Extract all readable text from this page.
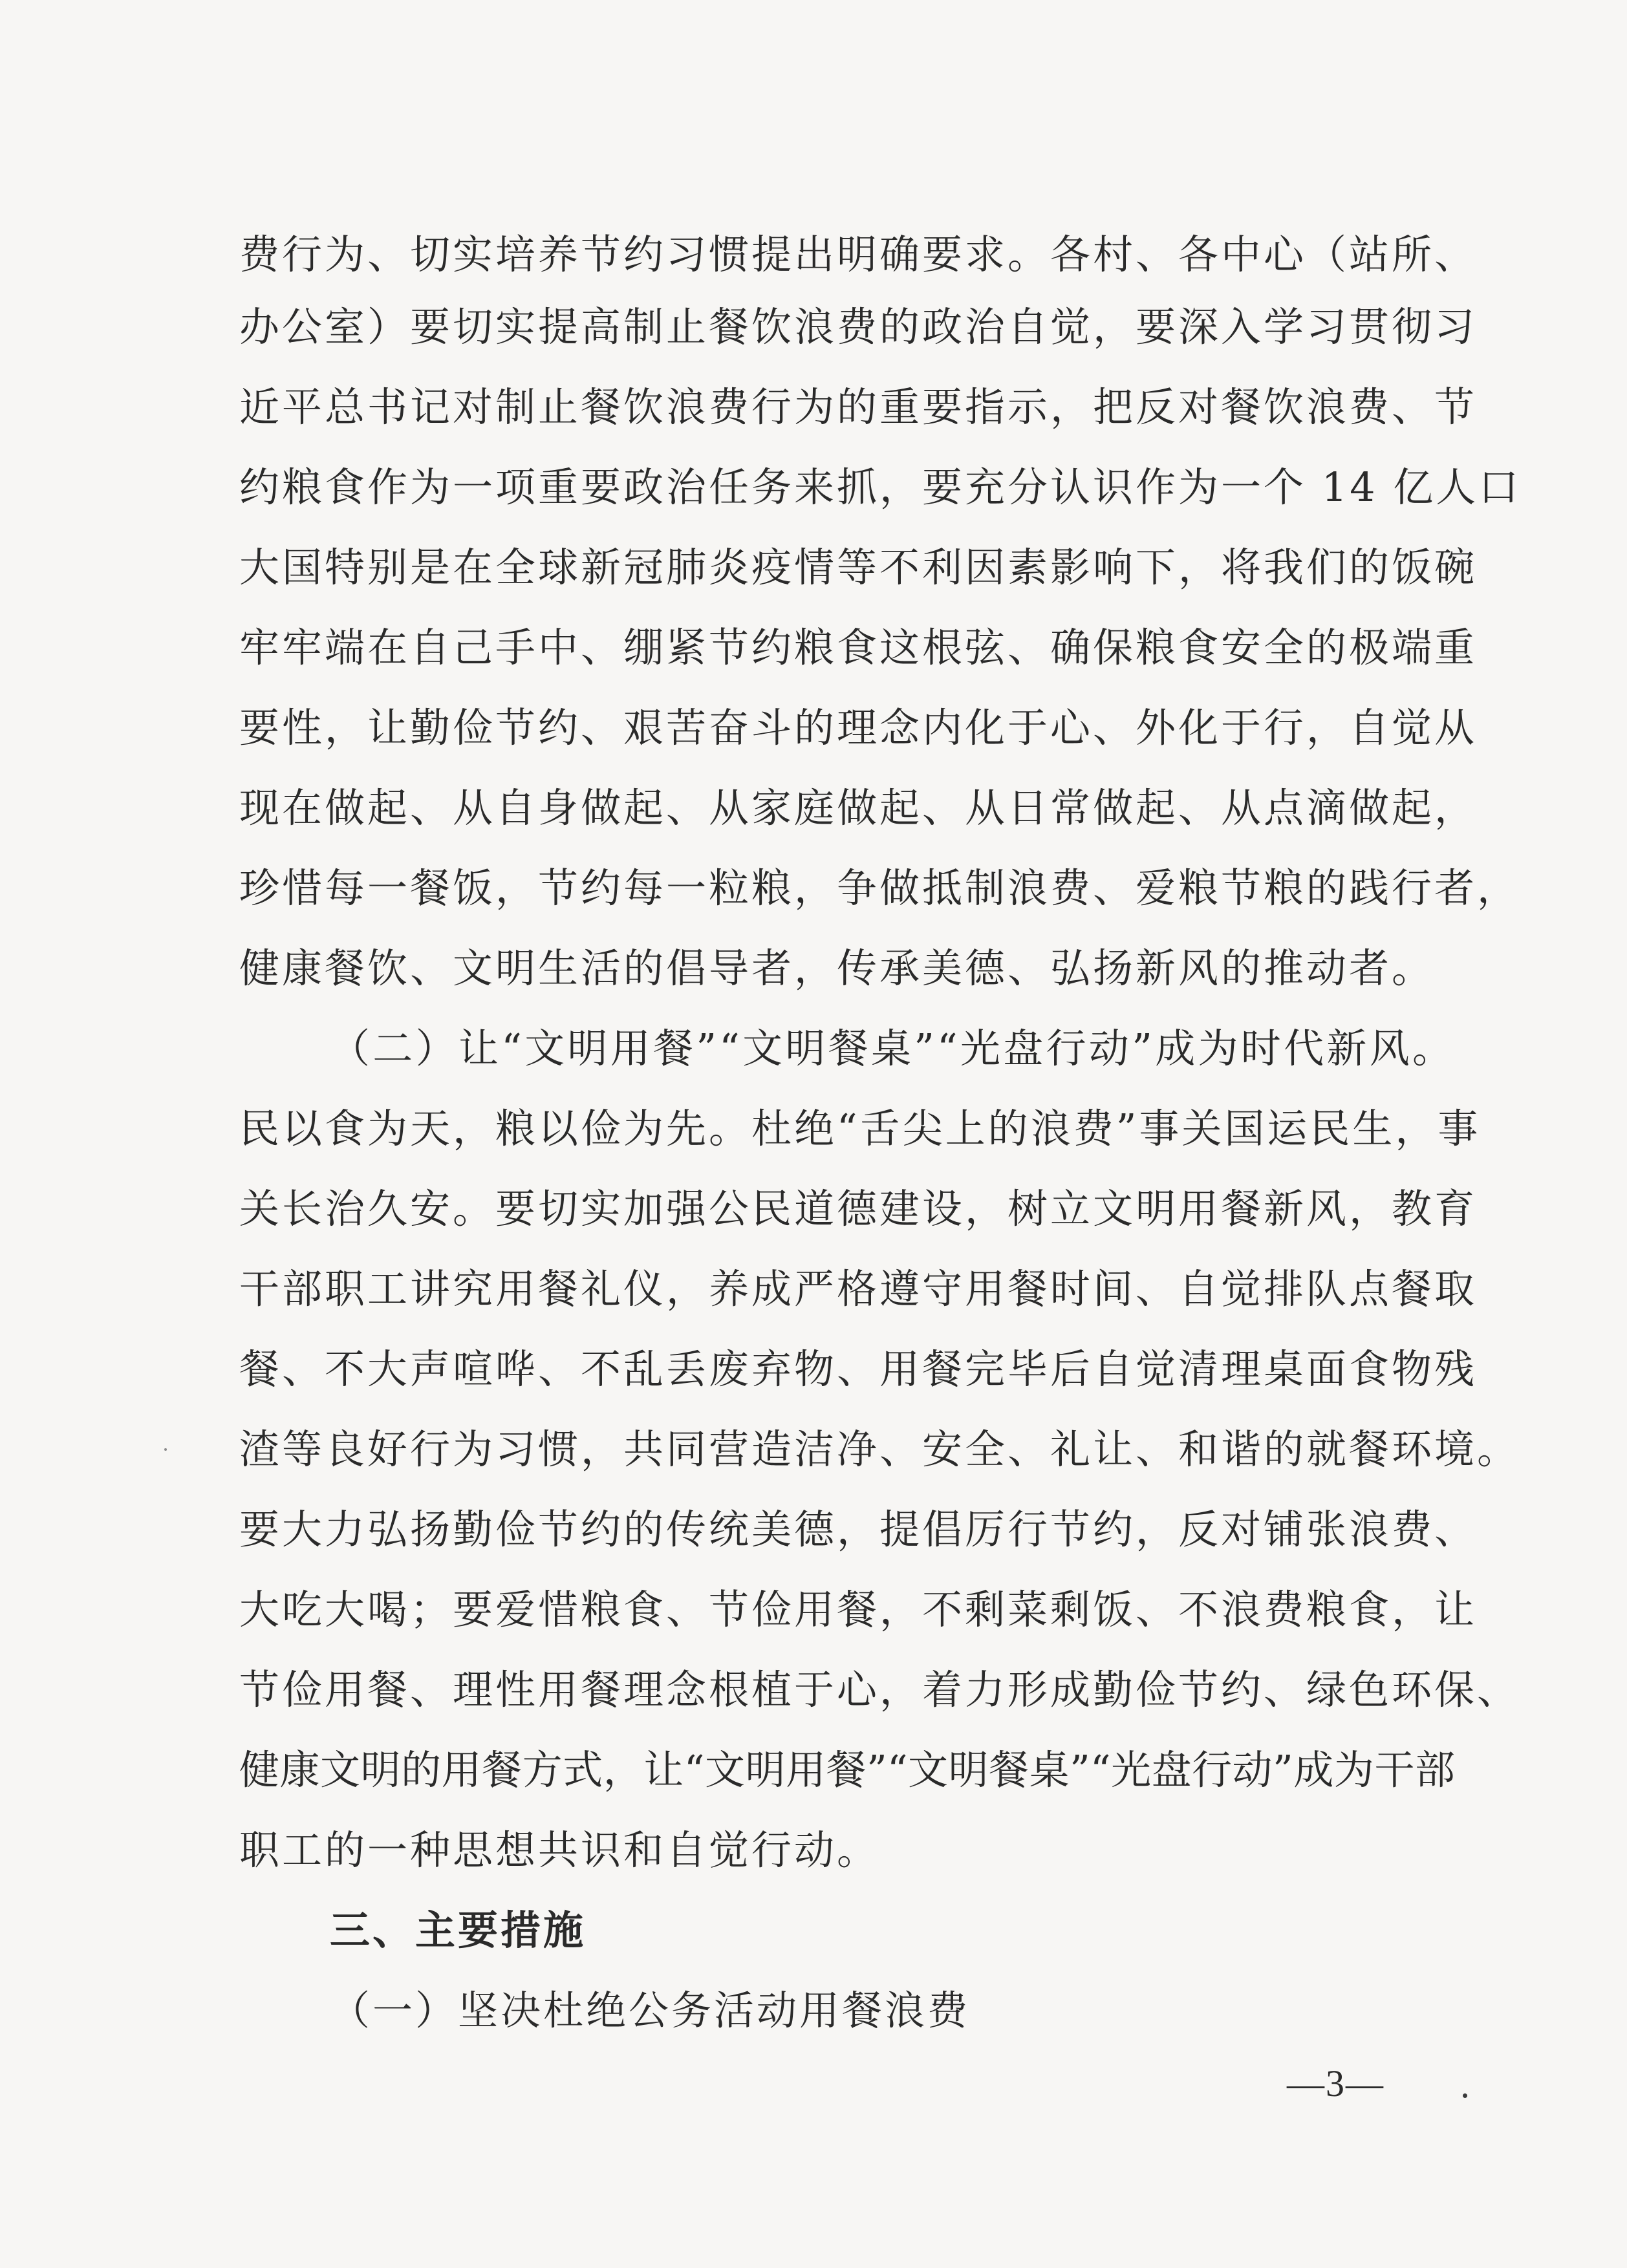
费行为、切实培养节约习惯提出明确要求。各村、各中心（站所、
办公室）要切实提高制止餐饮浪费的政治自觉，要深入学习贯彻习
近平总书记对制止餐饮浪费行为的重要指示，把反对餐饮浪费、节
约粮食作为一项重要政治任务来抓，要充分认识作为一个 14 亿人口
大国特别是在全球新冠肺炎疫情等不利因素影响下，将我们的饭碗
牢牢端在自己手中、绷紧节约粮食这根弦、确保粮食安全的极端重
要性，让勤俭节约、艰苦奋斗的理念内化于心、外化于行，自觉从
现在做起、从自身做起、从家庭做起、从日常做起、从点滴做起，
珍惜每一餐饭，节约每一粒粮，争做抵制浪费、爱粮节粮的践行者，
健康餐饮、文明生活的倡导者，传承美德、弘扬新风的推动者。
（二）让“文明用餐”“文明餐桌”“光盘行动”成为时代新风。
民以食为天，粮以俭为先。杜绝“舌尖上的浪费”事关国运民生，事
关长治久安。要切实加强公民道德建设，树立文明用餐新风，教育
干部职工讲究用餐礼仪，养成严格遵守用餐时间、自觉排队点餐取
餐、不大声喧哗、不乱丢废弃物、用餐完毕后自觉清理桌面食物残
渣等良好行为习惯，共同营造洁净、安全、礼让、和谐的就餐环境。
要大力弘扬勤俭节约的传统美德，提倡厉行节约，反对铺张浪费、
大吃大喝；要爱惜粮食、节俭用餐，不剩菜剩饭、不浪费粮食，让
节俭用餐、理性用餐理念根植于心，着力形成勤俭节约、绿色环保、
健康文明的用餐方式，让“文明用餐”“文明餐桌”“光盘行动”成为干部
职工的一种思想共识和自觉行动。
三、主要措施
（一）坚决杜绝公务活动用餐浪费
—3—
